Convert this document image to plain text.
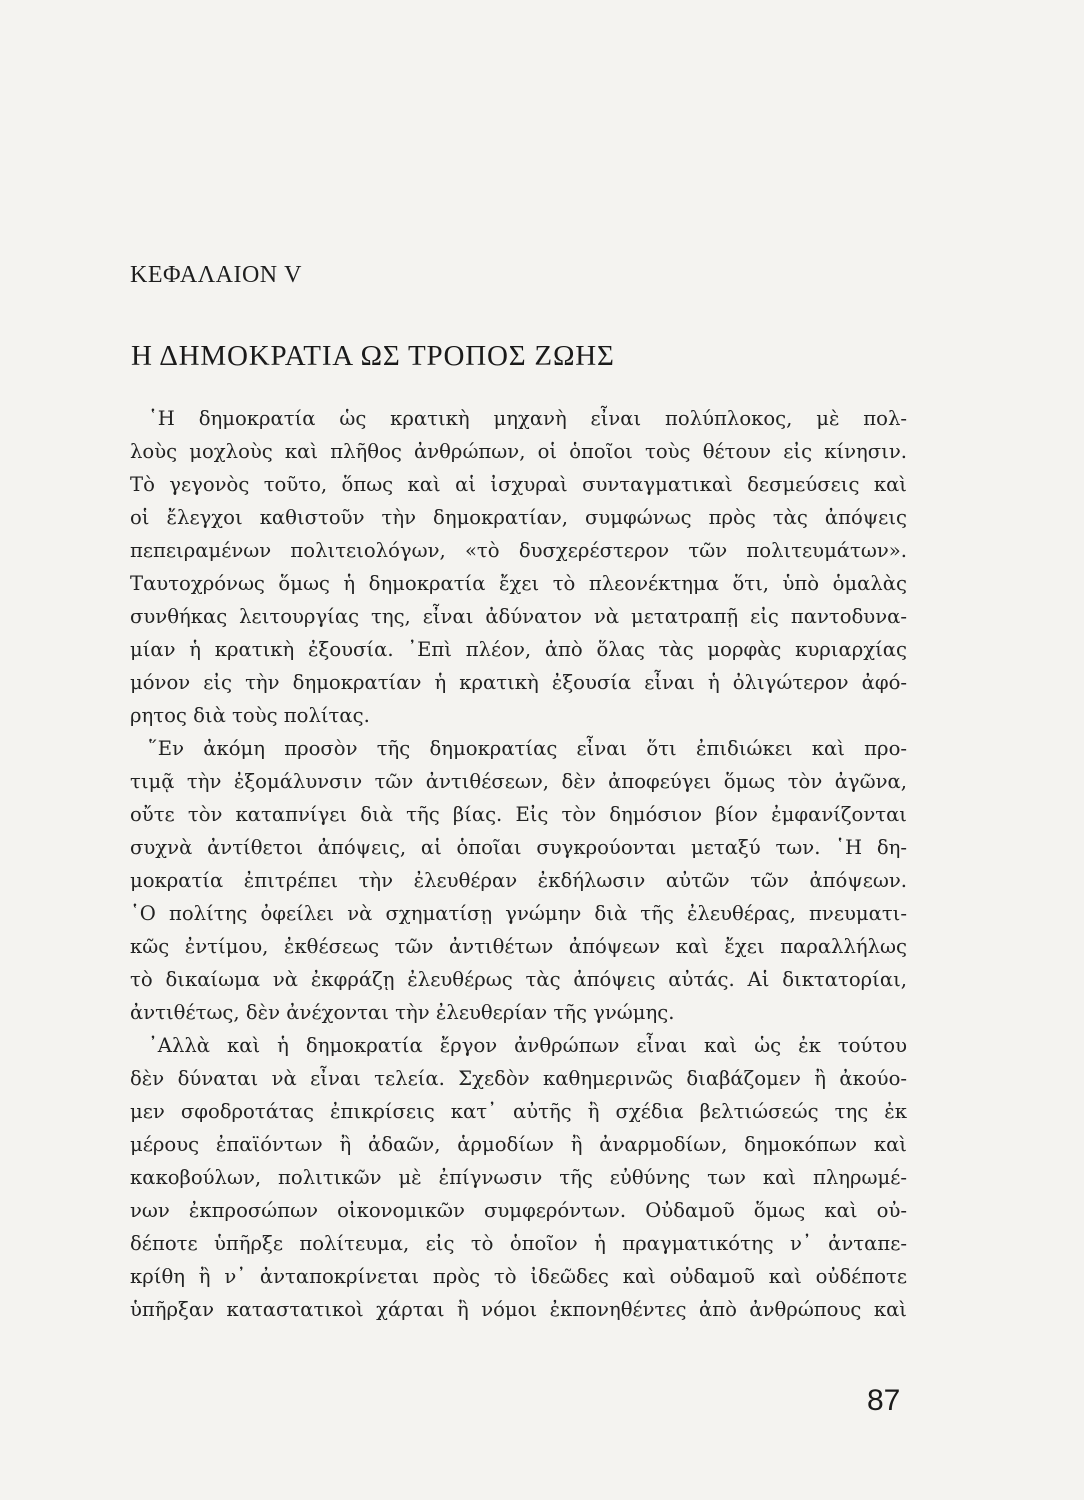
ΚΕΦΑΛΑΙΟΝ V
Η ΔΗΜΟΚΡΑΤΙΑ ΩΣ ΤΡΟΠΟΣ ΖΩΗΣ
῾Η δημοκρατία ὡς κρατικὴ μηχανὴ εἶναι πολύπλοκος, μὲ πολ-
λοὺς μοχλοὺς καὶ πλῆθος ἀνθρώπων, οἱ ὁποῖοι τοὺς θέτουν εἰς κίνησιν.
Τὸ γεγονὸς τοῦτο, ὅπως καὶ αἱ ἰσχυραὶ συνταγματικαὶ δεσμεύσεις καὶ
οἱ ἔλεγχοι καθιστοῦν τὴν δημοκρατίαν, συμφώνως πρὸς τὰς ἀπόψεις
πεπειραμένων πολιτειολόγων, «τὸ δυσχερέστερον τῶν πολιτευμάτων».
Ταυτοχρόνως ὅμως ἡ δημοκρατία ἔχει τὸ πλεονέκτημα ὅτι, ὑπὸ ὁμαλὰς
συνθήκας λειτουργίας της, εἶναι ἀδύνατον νὰ μετατραπῇ εἰς παντοδυνα-
μίαν ἡ κρατικὴ ἐξουσία. ᾿Επὶ πλέον, ἀπὸ ὅλας τὰς μορφὰς κυριαρχίας
μόνον εἰς τὴν δημοκρατίαν ἡ κρατικὴ ἐξουσία εἶναι ἡ ὀλιγώτερον ἀφό-
ρητος διὰ τοὺς πολίτας.
῞Εν ἀκόμη προσὸν τῆς δημοκρατίας εἶναι ὅτι ἐπιδιώκει καὶ προ-
τιμᾷ τὴν ἐξομάλυνσιν τῶν ἀντιθέσεων, δὲν ἀποφεύγει ὅμως τὸν ἀγῶνα,
οὔτε τὸν καταπνίγει διὰ τῆς βίας. Εἰς τὸν δημόσιον βίον ἐμφανίζονται
συχνὰ ἀντίθετοι ἀπόψεις, αἱ ὁποῖαι συγκρούονται μεταξύ των. ῾Η δη-
μοκρατία ἐπιτρέπει τὴν ἐλευθέραν ἐκδήλωσιν αὐτῶν τῶν ἀπόψεων.
῾Ο πολίτης ὀφείλει νὰ σχηματίσῃ γνώμην διὰ τῆς ἐλευθέρας, πνευματι-
κῶς ἐντίμου, ἐκθέσεως τῶν ἀντιθέτων ἀπόψεων καὶ ἔχει παραλλήλως
τὸ δικαίωμα νὰ ἐκφράζῃ ἐλευθέρως τὰς ἀπόψεις αὐτάς. Αἱ δικτατορίαι,
ἀντιθέτως, δὲν ἀνέχονται τὴν ἐλευθερίαν τῆς γνώμης.
᾿Αλλὰ καὶ ἡ δημοκρατία ἔργον ἀνθρώπων εἶναι καὶ ὡς ἐκ τούτου
δὲν δύναται νὰ εἶναι τελεία. Σχεδὸν καθημερινῶς διαβάζομεν ἢ ἀκούο-
μεν σφοδροτάτας ἐπικρίσεις κατ᾿ αὐτῆς ἢ σχέδια βελτιώσεώς της ἐκ
μέρους ἐπαϊόντων ἢ ἀδαῶν, ἁρμοδίων ἢ ἀναρμοδίων, δημοκόπων καὶ
κακοβούλων, πολιτικῶν μὲ ἐπίγνωσιν τῆς εὐθύνης των καὶ πληρωμέ-
νων ἐκπροσώπων οἰκονομικῶν συμφερόντων. Οὐδαμοῦ ὅμως καὶ οὐ-
δέποτε ὑπῆρξε πολίτευμα, εἰς τὸ ὁποῖον ἡ πραγματικότης ν᾿ ἀνταπε-
κρίθη ἢ ν᾿ ἀνταποκρίνεται πρὸς τὸ ἰδεῶδες καὶ οὐδαμοῦ καὶ οὐδέποτε
ὑπῆρξαν καταστατικοὶ χάρται ἢ νόμοι ἐκπονηθέντες ἀπὸ ἀνθρώπους καὶ
87
